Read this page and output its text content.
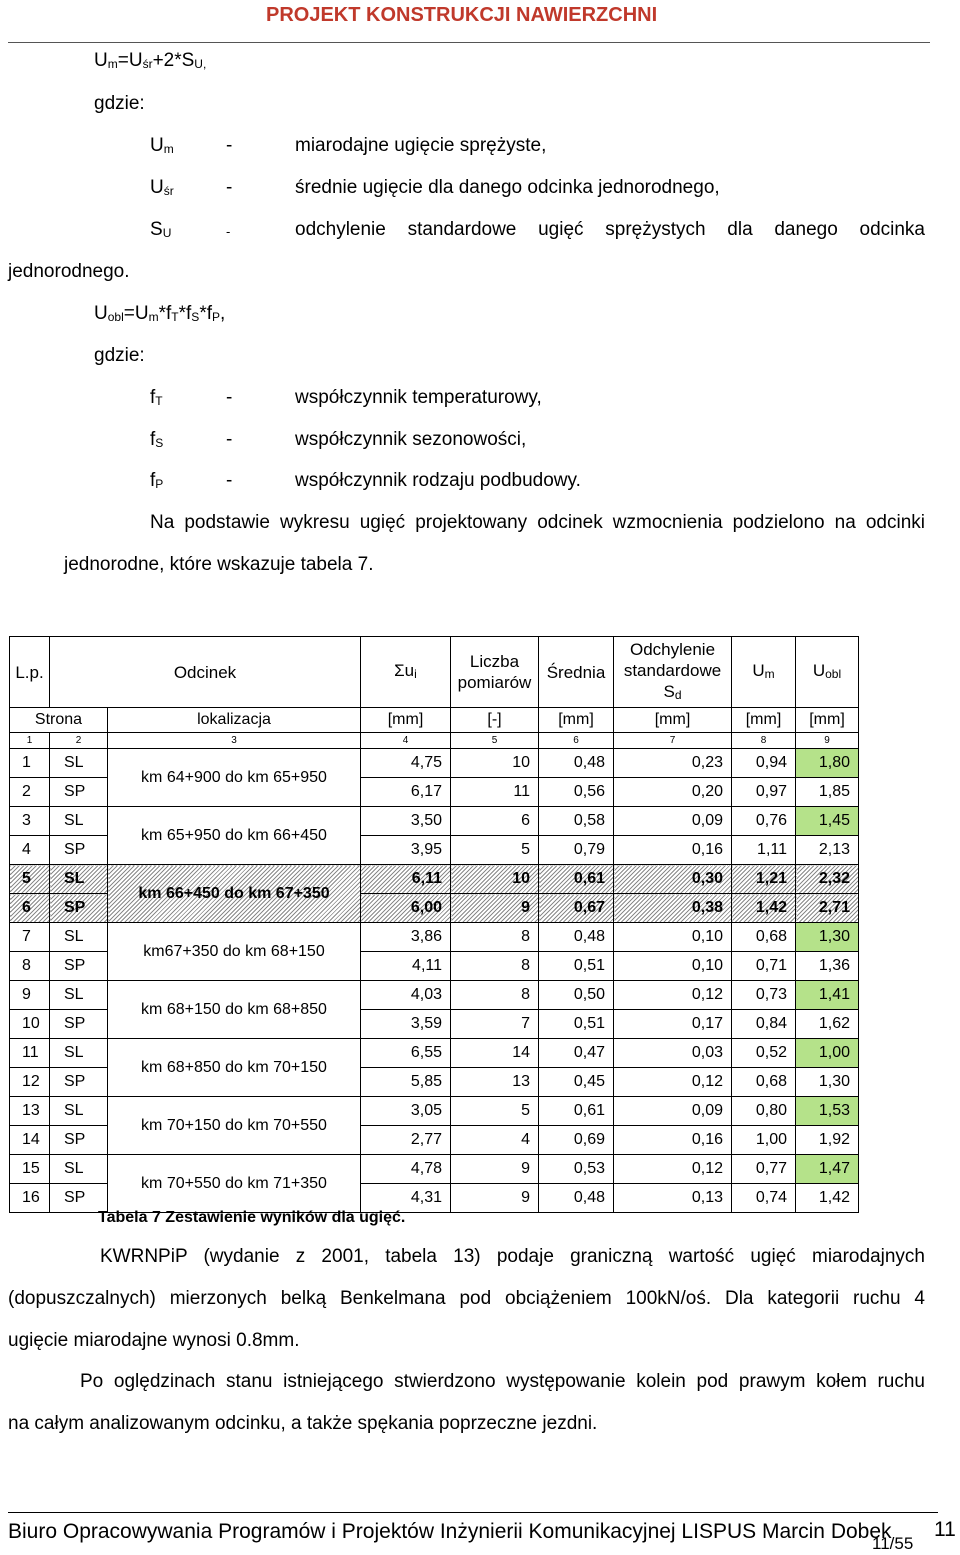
PROJEKT KONSTRUKCJI NAWIERZCHNI
$U_m=U_{śr}+2*S_{U,}$
gdzie:
$U_m$	-	miarodajne ugięcie sprężyste,
$U_{śr}$	-	średnie ugięcie dla danego odcinka jednorodnego,
$S_U$	-	odchylenie standardowe ugięć sprężystych dla danego odcinka
jednorodnego.
$U_{obl}=U_m*f_T*f_S*f_P$,
gdzie:
$f_T$	-	współczynnik temperaturowy,
$f_S$	-	współczynnik sezonowości,
$f_P$	-	współczynnik rodzaju podbudowy.
Na podstawie wykresu ugięć projektowany odcinek wzmocnienia podzielono na odcinki
jednorodne, które wskazuje tabela 7.
L.p.	Odcinek		$\Sigma u_i$	Liczba pomiarów	Średnia	Odchylenie
standardowe
$S_d$	$U_m$	$U_{obl}$
Strona		lokalizacja	[mm]	[-]	[mm]	[mm]	[mm]	[mm]
1	2	3	4	5	6	7	8	9
1	SL	km 64+900 do km 65+950	4,75	10	0,48	0,23	0,94	1,80
2	SP		6,17	11	0,56	0,20	0,97	1,85
3	SL	km 65+950 do km 66+450	3,50	6	0,58	0,09	0,76	1,45
4	SP		3,95	5	0,79	0,16	1,11	2,13
5	SL	km 66+450 do km 67+350	6,11	10	0,61	0,30	1,21	2,32
6	SP		6,00	9	0,67	0,38	1,42	2,71
7	SL	km67+350 do km 68+150	3,86	8	0,48	0,10	0,68	1,30
8	SP		4,11	8	0,51	0,10	0,71	1,36
9	SL	km 68+150 do km 68+850	4,03	8	0,50	0,12	0,73	1,41
10	SP		3,59	7	0,51	0,17	0,84	1,62
11	SL	km 68+850 do km 70+150	6,55	14	0,47	0,03	0,52	1,00
12	SP		5,85	13	0,45	0,12	0,68	1,30
13	SL	km 70+150 do km 70+550	3,05	5	0,61	0,09	0,80	1,53
14	SP		2,77	4	0,69	0,16	1,00	1,92
15	SL	km 70+550 do km 71+350	4,78	9	0,53	0,12	0,77	1,47
16	SP		4,31	9	0,48	0,13	0,74	1,42
Tabela 7 Zestawienie wyników dla ugięć.
KWRNPiP (wydanie z 2001, tabela 13) podaje graniczną wartość ugięć miarodajnych
(dopuszczalnych) mierzonych belką Benkelmana pod obciążeniem 100kN/oś. Dla kategorii ruchu 4
ugięcie miarodajne wynosi 0.8mm.
Po oględzinach stanu istniejącego stwierdzono występowanie kolein pod prawym kołem ruchu
na całym analizowanym odcinku, a także spękania poprzeczne jezdni.
Biuro Opracowywania Programów i Projektów Inżynierii Komunikacyjnej LISPUS Marcin Dobek
11/55
11
